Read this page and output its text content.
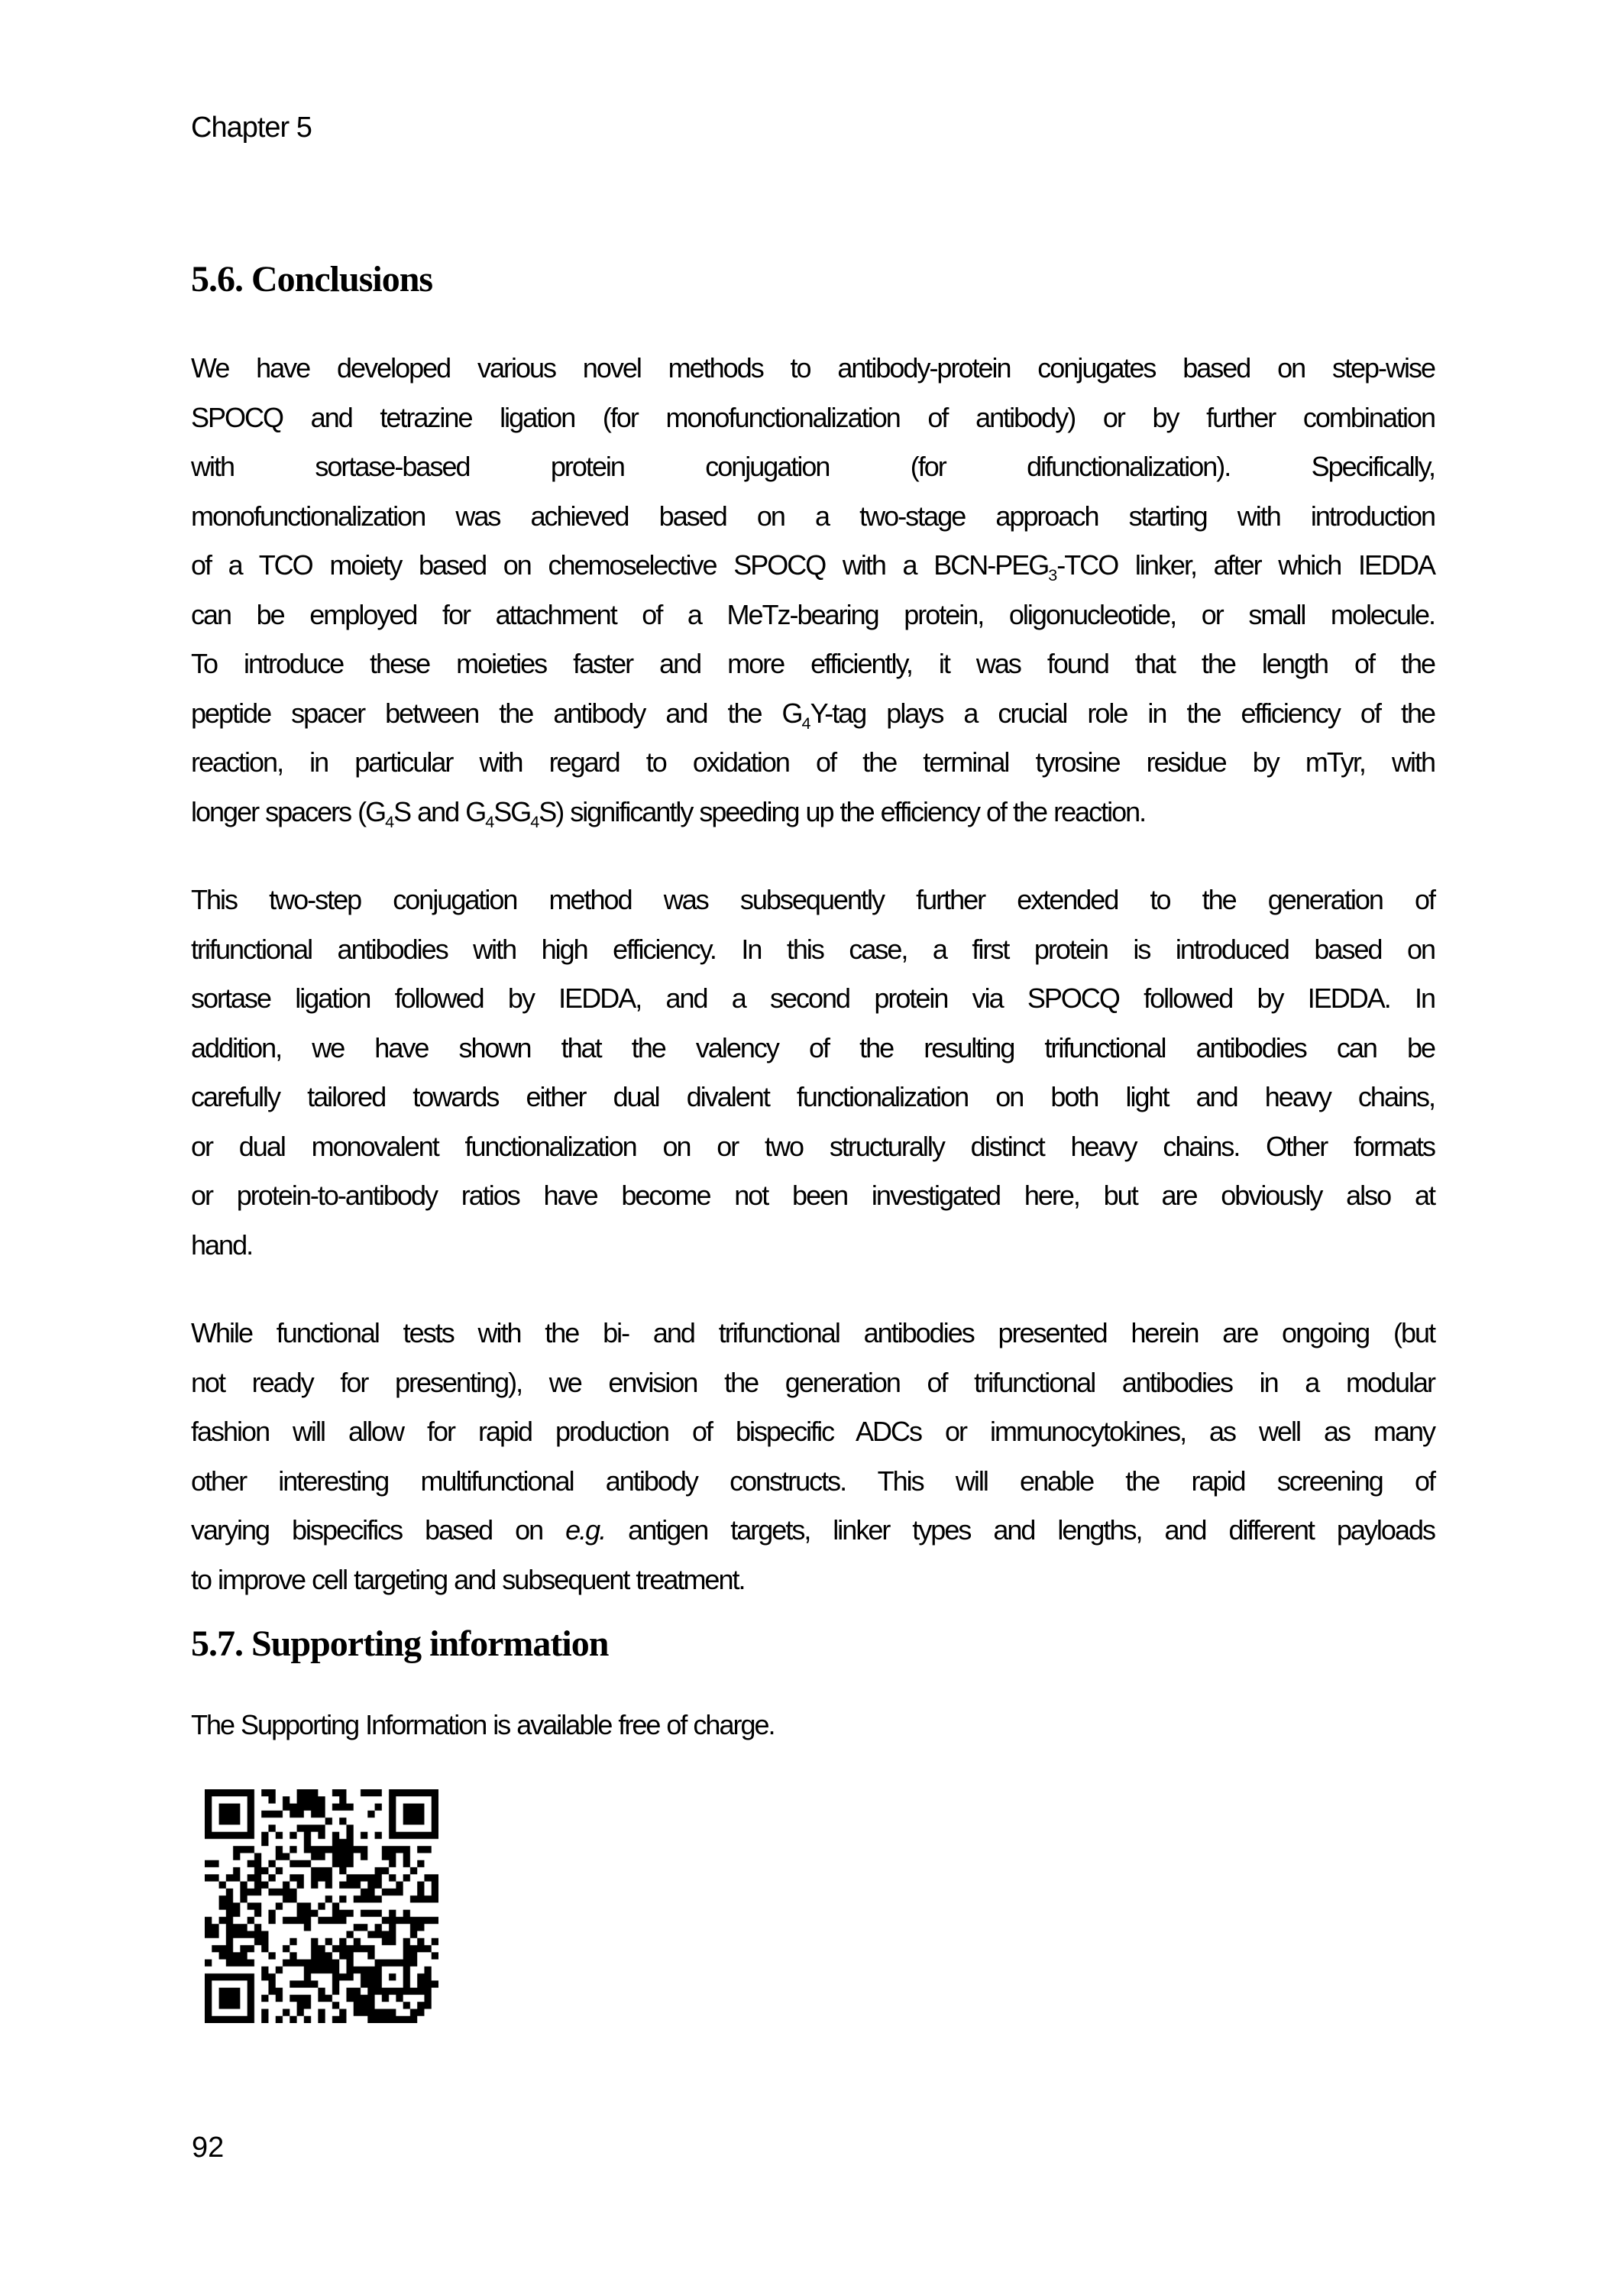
Chapter 5
5.6. Conclusions
We have developed various novel methods to antibody-protein conjugates based on step-wise
SPOCQ and tetrazine ligation (for monofunctionalization of antibody) or by further combination
with sortase-based protein conjugation (for difunctionalization). Specifically,
monofunctionalization was achieved based on a two-stage approach starting with introduction
of a TCO moiety based on chemoselective SPOCQ with a BCN-$PEG_3$-TCO linker, after which IEDDA
can be employed for attachment of a MeTz-bearing protein, oligonucleotide, or small molecule.
To introduce these moieties faster and more efficiently, it was found that the length of the
peptide spacer between the antibody and the $G_4Y$-tag plays a crucial role in the efficiency of the
reaction, in particular with regard to oxidation of the terminal tyrosine residue by mTyr, with
longer spacers ($G_4S$ and $G_4SG_4S$) significantly speeding up the efficiency of the reaction.
This two-step conjugation method was subsequently further extended to the generation of
trifunctional antibodies with high efficiency. In this case, a first protein is introduced based on
sortase ligation followed by IEDDA, and a second protein via SPOCQ followed by IEDDA. In
addition, we have shown that the valency of the resulting trifunctional antibodies can be
carefully tailored towards either dual divalent functionalization on both light and heavy chains,
or dual monovalent functionalization on or two structurally distinct heavy chains. Other formats
or protein-to-antibody ratios have become not been investigated here, but are obviously also at
hand.
While functional tests with the bi- and trifunctional antibodies presented herein are ongoing (but
not ready for presenting), we envision the generation of trifunctional antibodies in a modular
fashion will allow for rapid production of bispecific ADCs or immunocytokines, as well as many
other interesting multifunctional antibody constructs. This will enable the rapid screening of
varying bispecifics based on e.g. antigen targets, linker types and lengths, and different payloads
to improve cell targeting and subsequent treatment.
5.7. Supporting information
The Supporting Information is available free of charge.
92
